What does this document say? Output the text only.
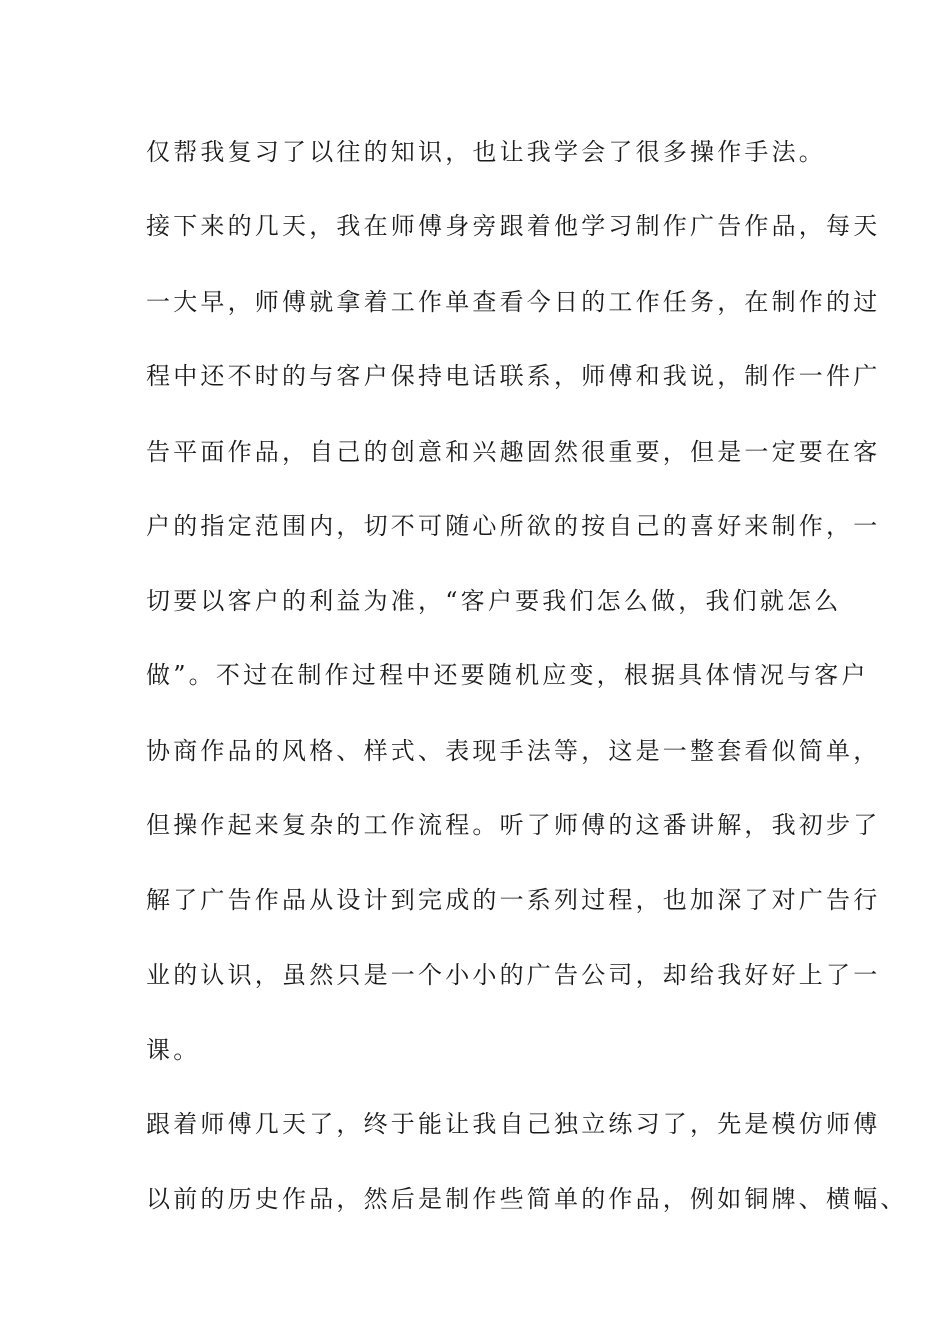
仅帮我复习了以往的知识，也让我学会了很多操作手法。
接下来的几天，我在师傅身旁跟着他学习制作广告作品，每天
一大早，师傅就拿着工作单查看今日的工作任务，在制作的过
程中还不时的与客户保持电话联系，师傅和我说，制作一件广
告平面作品，自己的创意和兴趣固然很重要，但是一定要在客
户的指定范围内，切不可随心所欲的按自己的喜好来制作，一
切要以客户的利益为准，“客户要我们怎么做，我们就怎么
做”。不过在制作过程中还要随机应变，根据具体情况与客户
协商作品的风格、样式、表现手法等，这是一整套看似简单，
但操作起来复杂的工作流程。听了师傅的这番讲解，我初步了
解了广告作品从设计到完成的一系列过程，也加深了对广告行
业的认识，虽然只是一个小小的广告公司，却给我好好上了一
课。
跟着师傅几天了，终于能让我自己独立练习了，先是模仿师傅
以前的历史作品，然后是制作些简单的作品，例如铜牌、横幅、
